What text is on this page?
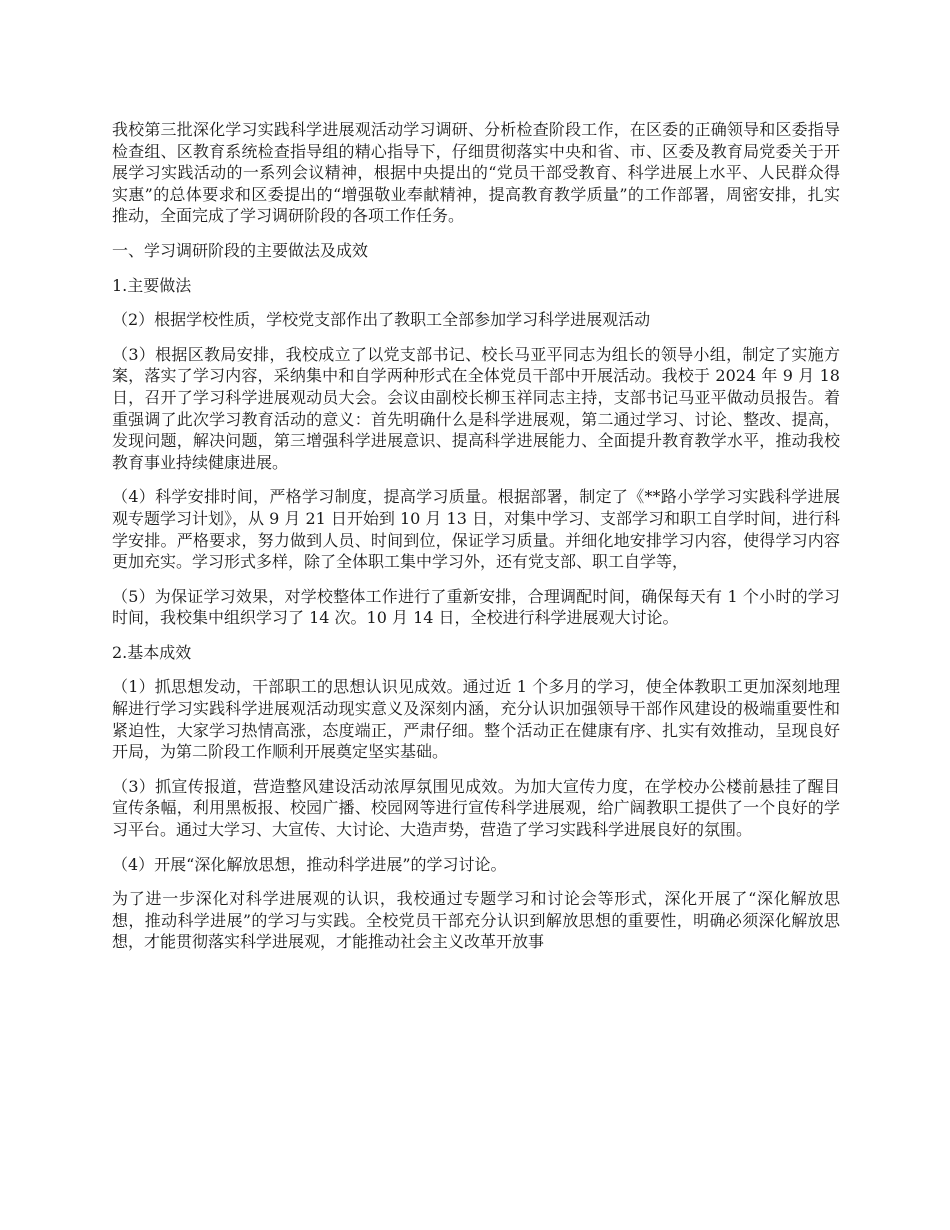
我校第三批深化学习实践科学进展观活动学习调研、分析检查阶段工作，在区委的正确领导和区委指导检查组、区教育系统检查指导组的精心指导下，仔细贯彻落实中央和省、市、区委及教育局党委关于开展学习实践活动的一系列会议精神，根据中央提出的“党员干部受教育、科学进展上水平、人民群众得实惠”的总体要求和区委提出的“增强敬业奉献精神，提高教育教学质量”的工作部署，周密安排，扎实推动，全面完成了学习调研阶段的各项工作任务。

一、学习调研阶段的主要做法及成效

1.主要做法

（2）根据学校性质，学校党支部作出了教职工全部参加学习科学进展观活动

（3）根据区教局安排，我校成立了以党支部书记、校长马亚平同志为组长的领导小组，制定了实施方案，落实了学习内容，采纳集中和自学两种形式在全体党员干部中开展活动。我校于 2024 年 9 月 18 日，召开了学习科学进展观动员大会。会议由副校长柳玉祥同志主持，支部书记马亚平做动员报告。着重强调了此次学习教育活动的意义：首先明确什么是科学进展观，第二通过学习、讨论、整改、提高，发现问题，解决问题，第三增强科学进展意识、提高科学进展能力、全面提升教育教学水平，推动我校教育事业持续健康进展。

（4）科学安排时间，严格学习制度，提高学习质量。根据部署，制定了《**路小学学习实践科学进展观专题学习计划》，从 9 月 21 日开始到 10 月 13 日，对集中学习、支部学习和职工自学时间，进行科学安排。严格要求，努力做到人员、时间到位，保证学习质量。并细化地安排学习内容，使得学习内容更加充实。学习形式多样，除了全体职工集中学习外，还有党支部、职工自学等，

（5）为保证学习效果，对学校整体工作进行了重新安排，合理调配时间，确保每天有 1 个小时的学习时间，我校集中组织学习了 14 次。10 月 14 日，全校进行科学进展观大讨论。

2.基本成效

（1）抓思想发动，干部职工的思想认识见成效。通过近 1 个多月的学习，使全体教职工更加深刻地理解进行学习实践科学进展观活动现实意义及深刻内涵，充分认识加强领导干部作风建设的极端重要性和紧迫性，大家学习热情高涨，态度端正，严肃仔细。整个活动正在健康有序、扎实有效推动，呈现良好开局，为第二阶段工作顺利开展奠定坚实基础。

（3）抓宣传报道，营造整风建设活动浓厚氛围见成效。为加大宣传力度，在学校办公楼前悬挂了醒目宣传条幅，利用黑板报、校园广播、校园网等进行宣传科学进展观，给广阔教职工提供了一个良好的学习平台。通过大学习、大宣传、大讨论、大造声势，营造了学习实践科学进展良好的氛围。

（4）开展“深化解放思想，推动科学进展”的学习讨论。

为了进一步深化对科学进展观的认识，我校通过专题学习和讨论会等形式，深化开展了“深化解放思想，推动科学进展”的学习与实践。全校党员干部充分认识到解放思想的重要性，明确必须深化解放思想，才能贯彻落实科学进展观，才能推动社会主义改革开放事
